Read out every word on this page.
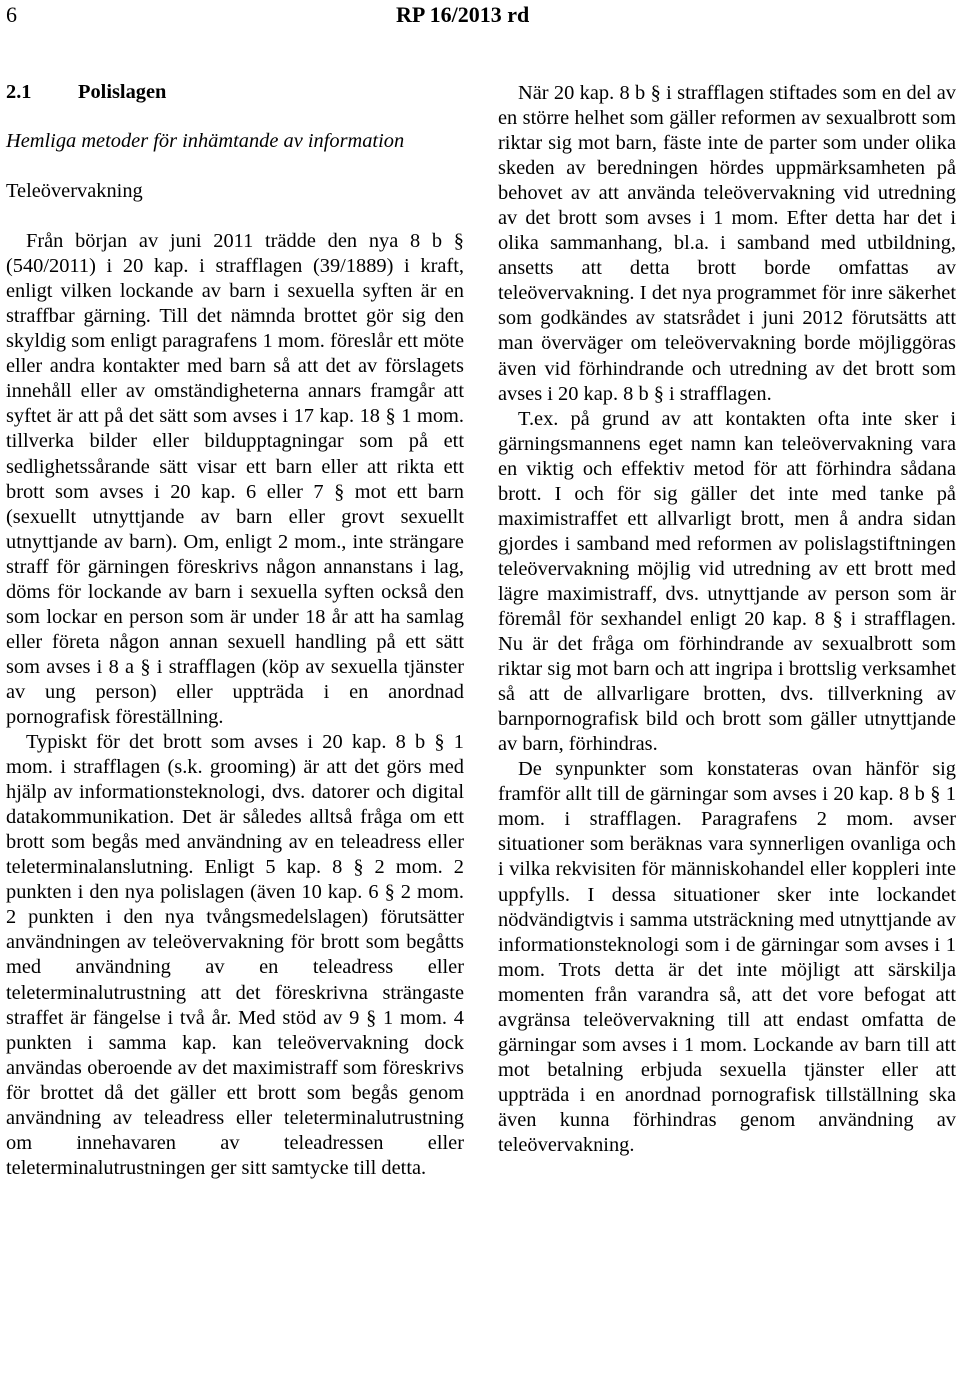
6	RP 16/2013 rd
2.1 Polislagen
Hemliga metoder för inhämtande av information
Teleövervakning

Från början av juni 2011 trädde den nya 8 b § (540/2011) i 20 kap. i strafflagen (39/1889) i kraft, enligt vilken lockande av barn i sexuella syften är en straffbar gärning. Till det nämnda brottet gör sig den skyldig som enligt paragrafens 1 mom. föreslår ett möte eller andra kontakter med barn så att det av förslagets innehåll eller av omständigheterna annars framgår att syftet är att på det sätt som avses i 17 kap. 18 § 1 mom. tillverka bilder eller bildupptagningar som på ett sedlighetssårande sätt visar ett barn eller att rikta ett brott som avses i 20 kap. 6 eller 7 § mot ett barn (sexuellt utnyttjande av barn eller grovt sexuellt utnyttjande av barn). Om, enligt 2 mom., inte strängare straff för gärningen föreskrivs någon annanstans i lag, döms för lockande av barn i sexuella syften också den som lockar en person som är under 18 år att ha samlag eller företa någon annan sexuell handling på ett sätt som avses i 8 a § i strafflagen (köp av sexuella tjänster av ung person) eller uppträda i en anordnad pornografisk föreställning.

Typiskt för det brott som avses i 20 kap. 8 b § 1 mom. i strafflagen (s.k. grooming) är att det görs med hjälp av informationsteknologi, dvs. datorer och digital datakommunikation. Det är således alltså fråga om ett brott som begås med användning av en teleadress eller teleterminalanslutning. Enligt 5 kap. 8 § 2 mom. 2 punkten i den nya polislagen (även 10 kap. 6 § 2 mom. 2 punkten i den nya tvångsmedelslagen) förutsätter användningen av teleövervakning för brott som begåtts med användning av en teleadress eller teleterminalutrustning att det föreskrivna strängaste straffet är fängelse i två år. Med stöd av 9 § 1 mom. 4 punkten i samma kap. kan teleövervakning dock användas oberoende av det maximistraff som föreskrivs för brottet då det gäller ett brott som begås genom användning av teleadress eller teleterminalutrustning om innehavaren av teleadressen eller teleterminalutrustningen ger sitt samtycke till detta.

När 20 kap. 8 b § i strafflagen stiftades som en del av en större helhet som gäller reformen av sexualbrott som riktar sig mot barn, fäste inte de parter som under olika skeden av beredningen hördes uppmärksamheten på behovet av att använda teleövervakning vid utredning av det brott som avses i 1 mom. Efter detta har det i olika sammanhang, bl.a. i samband med utbildning, ansetts att detta brott borde omfattas av teleövervakning. I det nya programmet för inre säkerhet som godkändes av statsrådet i juni 2012 förutsätts att man överväger om teleövervakning borde möjliggöras även vid förhindrande och utredning av det brott som avses i 20 kap. 8 b § i strafflagen.

T.ex. på grund av att kontakten ofta inte sker i gärningsmannens eget namn kan teleövervakning vara en viktig och effektiv metod för att förhindra sådana brott. I och för sig gäller det inte med tanke på maximistraffet ett allvarligt brott, men å andra sidan gjordes i samband med reformen av polislagstiftningen teleövervakning möjlig vid utredning av ett brott med lägre maximistraff, dvs. utnyttjande av person som är föremål för sexhandel enligt 20 kap. 8 § i strafflagen. Nu är det fråga om förhindrande av sexualbrott som riktar sig mot barn och att ingripa i brottslig verksamhet så att de allvarligare brotten, dvs. tillverkning av barnpornografisk bild och brott som gäller utnyttjande av barn, förhindras.

De synpunkter som konstateras ovan hänför sig framför allt till de gärningar som avses i 20 kap. 8 b § 1 mom. i strafflagen. Paragrafens 2 mom. avser situationer som beräknas vara synnerligen ovanliga och i vilka rekvisiten för människohandel eller koppleri inte uppfylls. I dessa situationer sker inte lockandet nödvändigtvis i samma utsträckning med utnyttjande av informationsteknologi som i de gärningar som avses i 1 mom. Trots detta är det inte möjligt att särskilja momenten från varandra så, att det vore befogat att avgränsa teleövervakning till att endast omfatta de gärningar som avses i 1 mom. Lockande av barn till att mot betalning erbjuda sexuella tjänster eller att uppträda i en anordnad pornografisk tillställning ska även kunna förhindras genom användning av teleövervakning.
